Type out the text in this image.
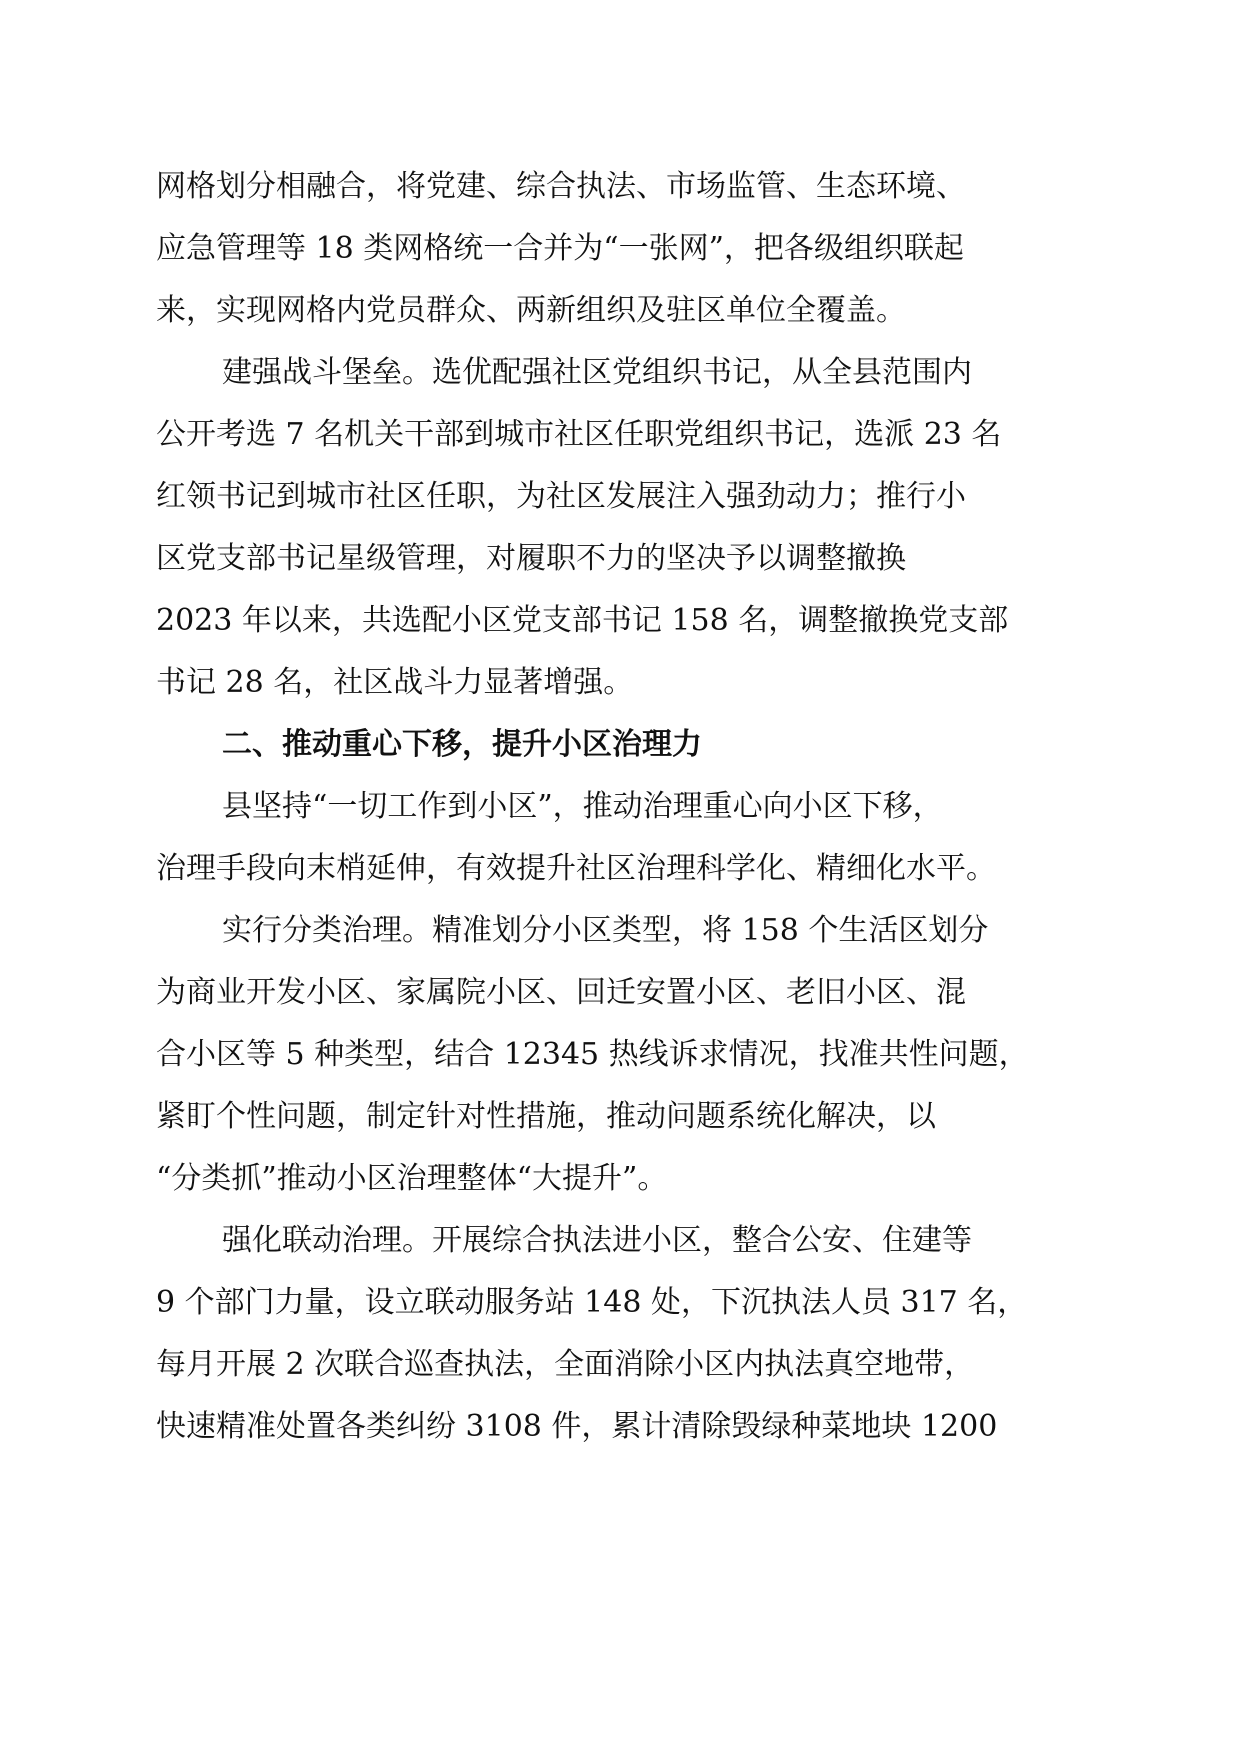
网格划分相融合，将党建、综合执法、市场监管、生态环境、
应急管理等 18 类网格统一合并为“一张网”，把各级组织联起
来，实现网格内党员群众、两新组织及驻区单位全覆盖。
建强战斗堡垒。选优配强社区党组织书记，从全县范围内
公开考选 7 名机关干部到城市社区任职党组织书记，选派 23 名
红领书记到城市社区任职，为社区发展注入强劲动力；推行小
区党支部书记星级管理，对履职不力的坚决予以调整撤换
2023 年以来，共选配小区党支部书记 158 名，调整撤换党支部
书记 28 名，社区战斗力显著增强。
二、推动重心下移，提升小区治理力
县坚持“一切工作到小区”，推动治理重心向小区下移，
治理手段向末梢延伸，有效提升社区治理科学化、精细化水平。
实行分类治理。精准划分小区类型，将 158 个生活区划分
为商业开发小区、家属院小区、回迁安置小区、老旧小区、混
合小区等 5 种类型，结合 12345 热线诉求情况，找准共性问题，
紧盯个性问题，制定针对性措施，推动问题系统化解决，以
“分类抓”推动小区治理整体“大提升”。
强化联动治理。开展综合执法进小区，整合公安、住建等
9 个部门力量，设立联动服务站 148 处，下沉执法人员 317 名，
每月开展 2 次联合巡查执法，全面消除小区内执法真空地带，
快速精准处置各类纠纷 3108 件，累计清除毁绿种菜地块 1200
